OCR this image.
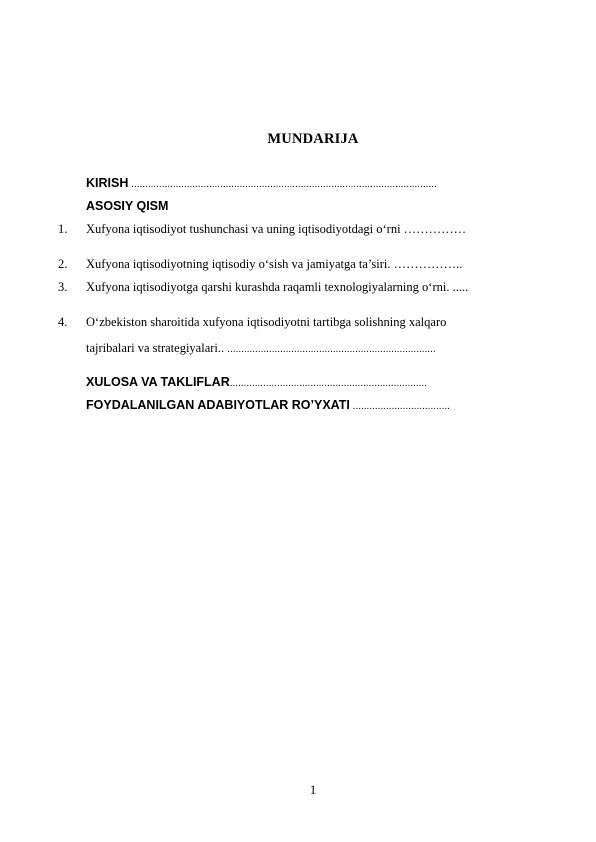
MUNDARIJA
KIRISH ..............................................................................................................
ASOSIY QISM
1. Xufyona iqtisodiyot tushunchasi va uning iqtisodiyotdagi o‘rni ……………
2. Xufyona iqtisodiyotning iqtisodiy o‘sish va jamiyatga ta’siri. ……………..
3. Xufyona iqtisodiyotga qarshi kurashda raqamli texnologiyalarning o‘rni. .....
4. O‘zbekiston sharoitida xufyona iqtisodiyotni tartibga solishning xalqaro
tajribalari va strategiyalari.. ...........................................................................
XULOSA VA TAKLIFLAR.......................................................................
FOYDALANILGAN ADABIYOTLAR RO’YXATI ...................................
1
